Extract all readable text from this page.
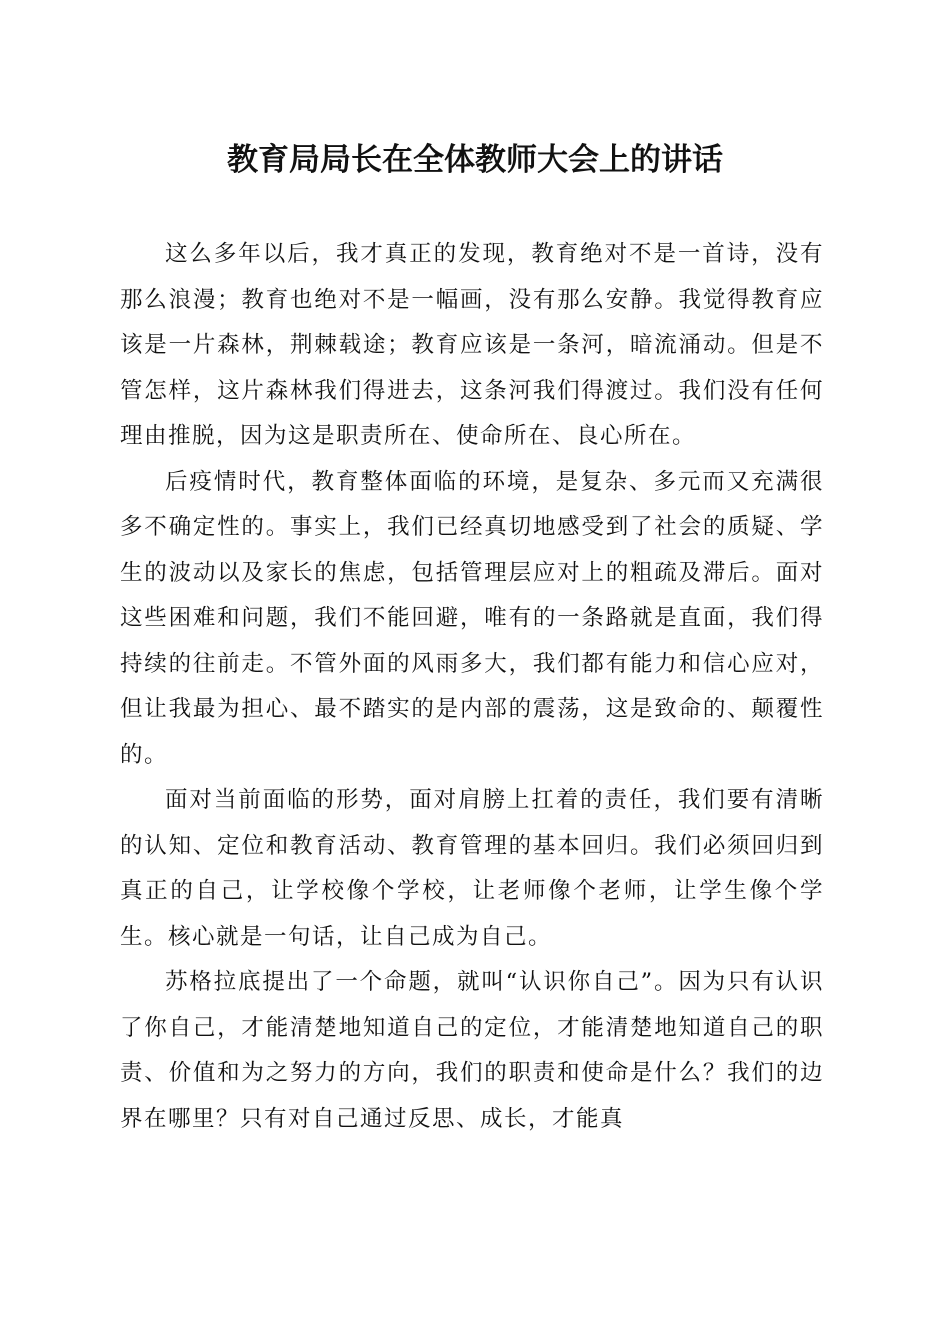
教育局局长在全体教师大会上的讲话

这么多年以后，我才真正的发现，教育绝对不是一首诗，没有那么浪漫；教育也绝对不是一幅画，没有那么安静。我觉得教育应该是一片森林，荆棘载途；教育应该是一条河，暗流涌动。但是不管怎样，这片森林我们得进去，这条河我们得渡过。我们没有任何理由推脱，因为这是职责所在、使命所在、良心所在。

后疫情时代，教育整体面临的环境，是复杂、多元而又充满很多不确定性的。事实上，我们已经真切地感受到了社会的质疑、学生的波动以及家长的焦虑，包括管理层应对上的粗疏及滞后。面对这些困难和问题，我们不能回避，唯有的一条路就是直面，我们得持续的往前走。不管外面的风雨多大，我们都有能力和信心应对，但让我最为担心、最不踏实的是内部的震荡，这是致命的、颠覆性的。

面对当前面临的形势，面对肩膀上扛着的责任，我们要有清晰的认知、定位和教育活动、教育管理的基本回归。我们必须回归到真正的自己，让学校像个学校，让老师像个老师，让学生像个学生。核心就是一句话，让自己成为自己。

苏格拉底提出了一个命题，就叫“认识你自己”。因为只有认识了你自己，才能清楚地知道自己的定位，才能清楚地知道自己的职责、价值和为之努力的方向，我们的职责和使命是什么？我们的边界在哪里？只有对自己通过反思、成长，才能真
